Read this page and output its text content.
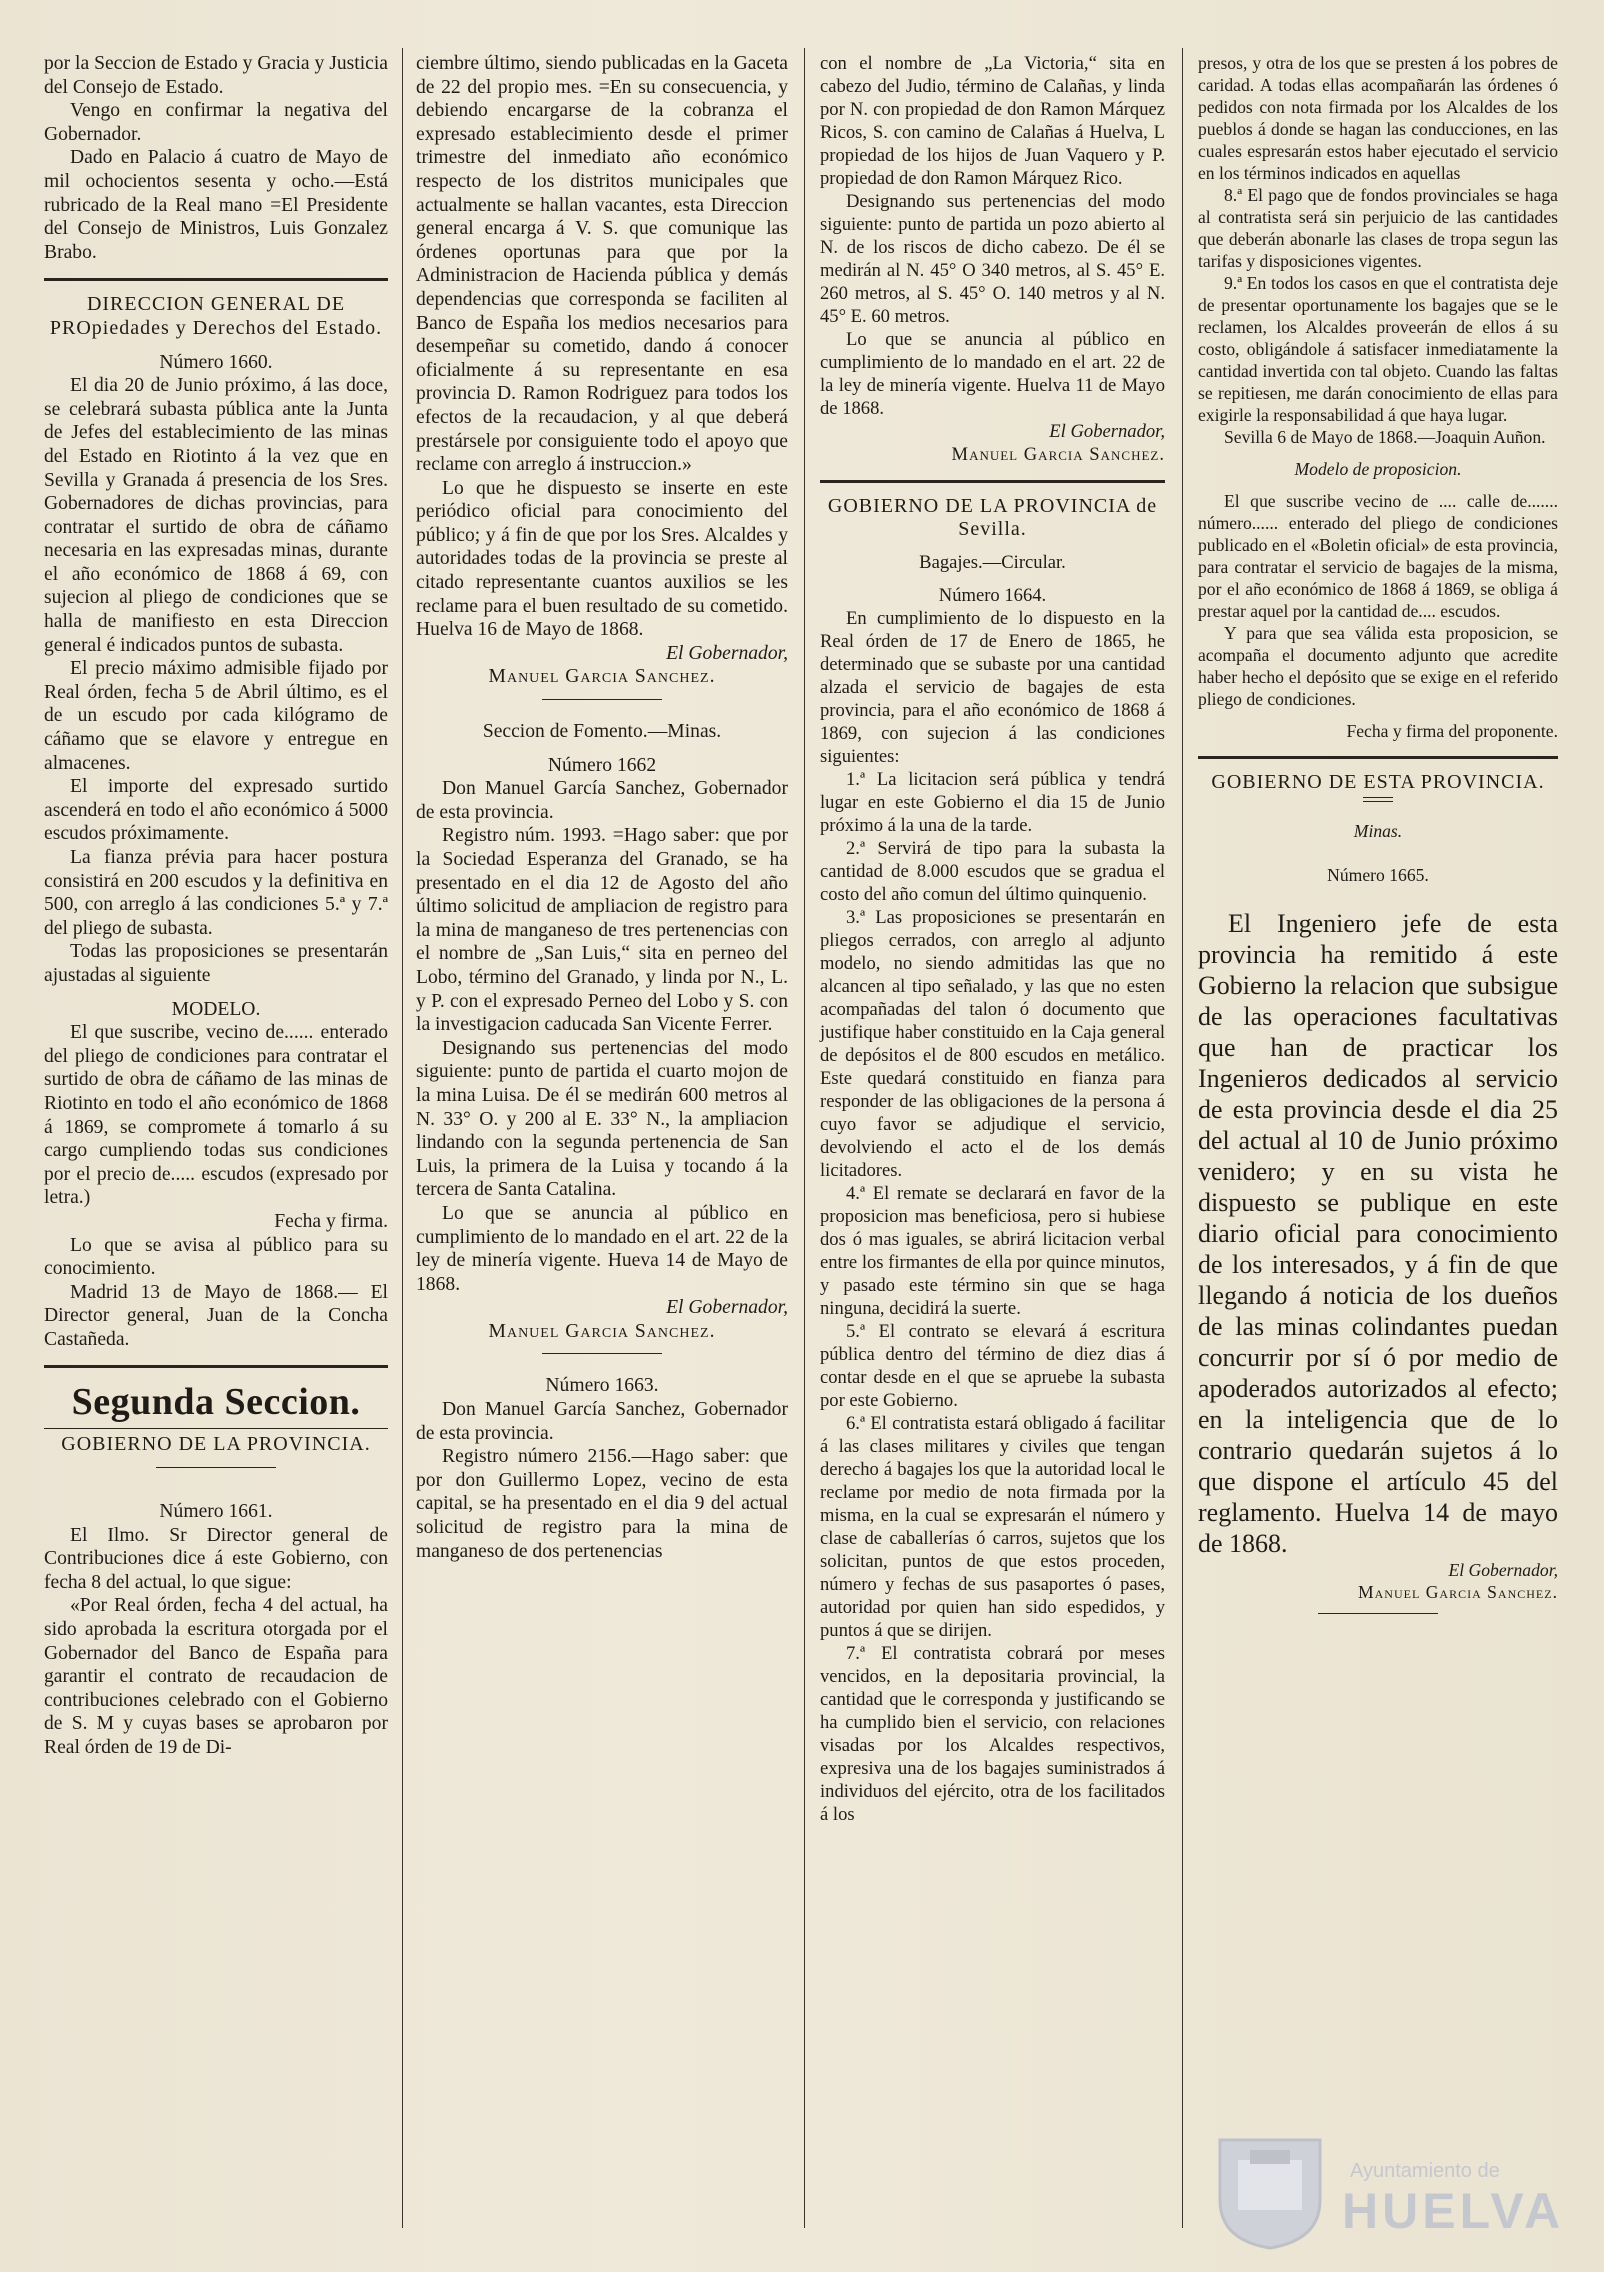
por la Seccion de Estado y Gracia y Justicia del Consejo de Estado.

Vengo en confirmar la negativa del Gobernador.

Dado en Palacio á cuatro de Mayo de mil ochocientos sesenta y ocho.—Está rubricado de la Real mano =El Presidente del Consejo de Ministros, Luis Gonzalez Brabo.

DIRECCION GENERAL DE PROpiedades y Derechos del Estado.

Número 1660.

El dia 20 de Junio próximo, á las doce, se celebrará subasta pública ante la Junta de Jefes del establecimiento de las minas del Estado en Riotinto á la vez que en Sevilla y Granada á presencia de los Sres. Gobernadores de dichas provincias, para contratar el surtido de obra de cáñamo necesaria en las expresadas minas, durante el año económico de 1868 á 69, con sujecion al pliego de condiciones que se halla de manifiesto en esta Direccion general é indicados puntos de subasta.

El precio máximo admisible fijado por Real órden, fecha 5 de Abril último, es el de un escudo por cada kilógramo de cáñamo que se elavore y entregue en almacenes.

El importe del expresado surtido ascenderá en todo el año económico á 5000 escudos próximamente.

La fianza prévia para hacer postura consistirá en 200 escudos y la definitiva en 500, con arreglo á las condiciones 5.ª y 7.ª del pliego de subasta.

Todas las proposiciones se presentarán ajustadas al siguiente

MODELO.

El que suscribe, vecino de...... enterado del pliego de condiciones para contratar el surtido de obra de cáñamo de las minas de Riotinto en todo el año económico de 1868 á 1869, se compromete á tomarlo á su cargo cumpliendo todas sus condiciones por el precio de..... escudos (expresado por letra.)

Fecha y firma.

Lo que se avisa al público para su conocimiento.

Madrid 13 de Mayo de 1868.— El Director general, Juan de la Concha Castañeda.

Segunda Seccion.

GOBIERNO DE LA PROVINCIA.

Número 1661.

El Ilmo. Sr Director general de Contribuciones dice á este Gobierno, con fecha 8 del actual, lo que sigue:

«Por Real órden, fecha 4 del actual, ha sido aprobada la escritura otorgada por el Gobernador del Banco de España para garantir el contrato de recaudacion de contribuciones celebrado con el Gobierno de S. M y cuyas bases se aprobaron por Real órden de 19 de Di-

ciembre último, siendo publicadas en la Gaceta de 22 del propio mes. =En su consecuencia, y debiendo encargarse de la cobranza el expresado establecimiento desde el primer trimestre del inmediato año económico respecto de los distritos municipales que actualmente se hallan vacantes, esta Direccion general encarga á V. S. que comunique las órdenes oportunas para que por la Administracion de Hacienda pública y demás dependencias que corresponda se faciliten al Banco de España los medios necesarios para desempeñar su cometido, dando á conocer oficialmente á su representante en esa provincia D. Ramon Rodriguez para todos los efectos de la recaudacion, y al que deberá prestársele por consiguiente todo el apoyo que reclame con arreglo á instruccion.»

Lo que he dispuesto se inserte en este periódico oficial para conocimiento del público; y á fin de que por los Sres. Alcaldes y autoridades todas de la provincia se preste al citado representante cuantos auxilios se les reclame para el buen resultado de su cometido. Huelva 16 de Mayo de 1868.

El Gobernador,

Manuel Garcia Sanchez.

Seccion de Fomento.—Minas.

Número 1662

Don Manuel García Sanchez, Gobernador de esta provincia.

Registro núm. 1993. =Hago saber: que por la Sociedad Esperanza del Granado, se ha presentado en el dia 12 de Agosto del año último solicitud de ampliacion de registro para la mina de manganeso de tres pertenencias con el nombre de „San Luis,“ sita en perneo del Lobo, término del Granado, y linda por N., L. y P. con el expresado Perneo del Lobo y S. con la investigacion caducada San Vicente Ferrer.

Designando sus pertenencias del modo siguiente: punto de partida el cuarto mojon de la mina Luisa. De él se medirán 600 metros al N. 33° O. y 200 al E. 33° N., la ampliacion lindando con la segunda pertenencia de San Luis, la primera de la Luisa y tocando á la tercera de Santa Catalina.

Lo que se anuncia al público en cumplimiento de lo mandado en el art. 22 de la ley de minería vigente. Hueva 14 de Mayo de 1868.

El Gobernador,

Manuel Garcia Sanchez.

Número 1663.

Don Manuel García Sanchez, Gobernador de esta provincia.

Registro número 2156.—Hago saber: que por don Guillermo Lopez, vecino de esta capital, se ha presentado en el dia 9 del actual solicitud de registro para la mina de manganeso de dos pertenencias

con el nombre de „La Victoria,“ sita en cabezo del Judio, término de Calañas, y linda por N. con propiedad de don Ramon Márquez Ricos, S. con camino de Calañas á Huelva, L propiedad de los hijos de Juan Vaquero y P. propiedad de don Ramon Márquez Rico.

Designando sus pertenencias del modo siguiente: punto de partida un pozo abierto al N. de los riscos de dicho cabezo. De él se medirán al N. 45° O 340 metros, al S. 45° E. 260 metros, al S. 45° O. 140 metros y al N. 45° E. 60 metros.

Lo que se anuncia al público en cumplimiento de lo mandado en el art. 22 de la ley de minería vigente. Huelva 11 de Mayo de 1868.

El Gobernador,

Manuel Garcia Sanchez.

GOBIERNO DE LA PROVINCIA de Sevilla.

Bagajes.—Circular.

Número 1664.

En cumplimiento de lo dispuesto en la Real órden de 17 de Enero de 1865, he determinado que se subaste por una cantidad alzada el servicio de bagajes de esta provincia, para el año económico de 1868 á 1869, con sujecion á las condiciones siguientes:

1.ª La licitacion será pública y tendrá lugar en este Gobierno el dia 15 de Junio próximo á la una de la tarde.

2.ª Servirá de tipo para la subasta la cantidad de 8.000 escudos que se gradua el costo del año comun del último quinquenio.

3.ª Las proposiciones se presentarán en pliegos cerrados, con arreglo al adjunto modelo, no siendo admitidas las que no alcancen al tipo señalado, y las que no esten acompañadas del talon ó documento que justifique haber constituido en la Caja general de depósitos el de 800 escudos en metálico. Este quedará constituido en fianza para responder de las obligaciones de la persona á cuyo favor se adjudique el servicio, devolviendo el acto el de los demás licitadores.

4.ª El remate se declarará en favor de la proposicion mas beneficiosa, pero si hubiese dos ó mas iguales, se abrirá licitacion verbal entre los firmantes de ella por quince minutos, y pasado este término sin que se haga ninguna, decidirá la suerte.

5.ª El contrato se elevará á escritura pública dentro del término de diez dias á contar desde en el que se apruebe la subasta por este Gobierno.

6.ª El contratista estará obligado á facilitar á las clases militares y civiles que tengan derecho á bagajes los que la autoridad local le reclame por medio de nota firmada por la misma, en la cual se expresarán el número y clase de caballerías ó carros, sujetos que los solicitan, puntos de que estos proceden, número y fechas de sus pasaportes ó pases, autoridad por quien han sido espedidos, y puntos á que se dirijen.

7.ª El contratista cobrará por meses vencidos, en la depositaria provincial, la cantidad que le corresponda y justificando se ha cumplido bien el servicio, con relaciones visadas por los Alcaldes respectivos, expresiva una de los bagajes suministrados á individuos del ejército, otra de los facilitados á los

presos, y otra de los que se presten á los pobres de caridad. A todas ellas acompañarán las órdenes ó pedidos con nota firmada por los Alcaldes de los pueblos á donde se hagan las conducciones, en las cuales espresarán estos haber ejecutado el servicio en los términos indicados en aquellas

8.ª El pago que de fondos provinciales se haga al contratista será sin perjuicio de las cantidades que deberán abonarle las clases de tropa segun las tarifas y disposiciones vigentes.

9.ª En todos los casos en que el contratista deje de presentar oportunamente los bagajes que se le reclamen, los Alcaldes proveerán de ellos á su costo, obligándole á satisfacer inmediatamente la cantidad invertida con tal objeto. Cuando las faltas se repitiesen, me darán conocimiento de ellas para exigirle la responsabilidad á que haya lugar.

Sevilla 6 de Mayo de 1868.—Joaquin Auñon.

Modelo de proposicion.

El que suscribe vecino de .... calle de....... número...... enterado del pliego de condiciones publicado en el «Boletin oficial» de esta provincia, para contratar el servicio de bagajes de la misma, por el año económico de 1868 á 1869, se obliga á prestar aquel por la cantidad de.... escudos.

Y para que sea válida esta proposicion, se acompaña el documento adjunto que acredite haber hecho el depósito que se exige en el referido pliego de condiciones.

Fecha y firma del proponente.

GOBIERNO DE ESTA PROVINCIA.

Minas.

Número 1665.

El Ingeniero jefe de esta provincia ha remitido á este Gobierno la relacion que subsigue de las operaciones facultativas que han de practicar los Ingenieros dedicados al servicio de esta provincia desde el dia 25 del actual al 10 de Junio próximo venidero; y en su vista he dispuesto se publique en este diario oficial para conocimiento de los interesados, y á fin de que llegando á noticia de los dueños de las minas colindantes puedan concurrir por sí ó por medio de apoderados autorizados al efecto; en la inteligencia que de lo contrario quedarán sujetos á lo que dispone el artículo 45 del reglamento. Huelva 14 de mayo de 1868.

El Gobernador,

Manuel Garcia Sanchez.

Ayuntamiento de
HUELVA
